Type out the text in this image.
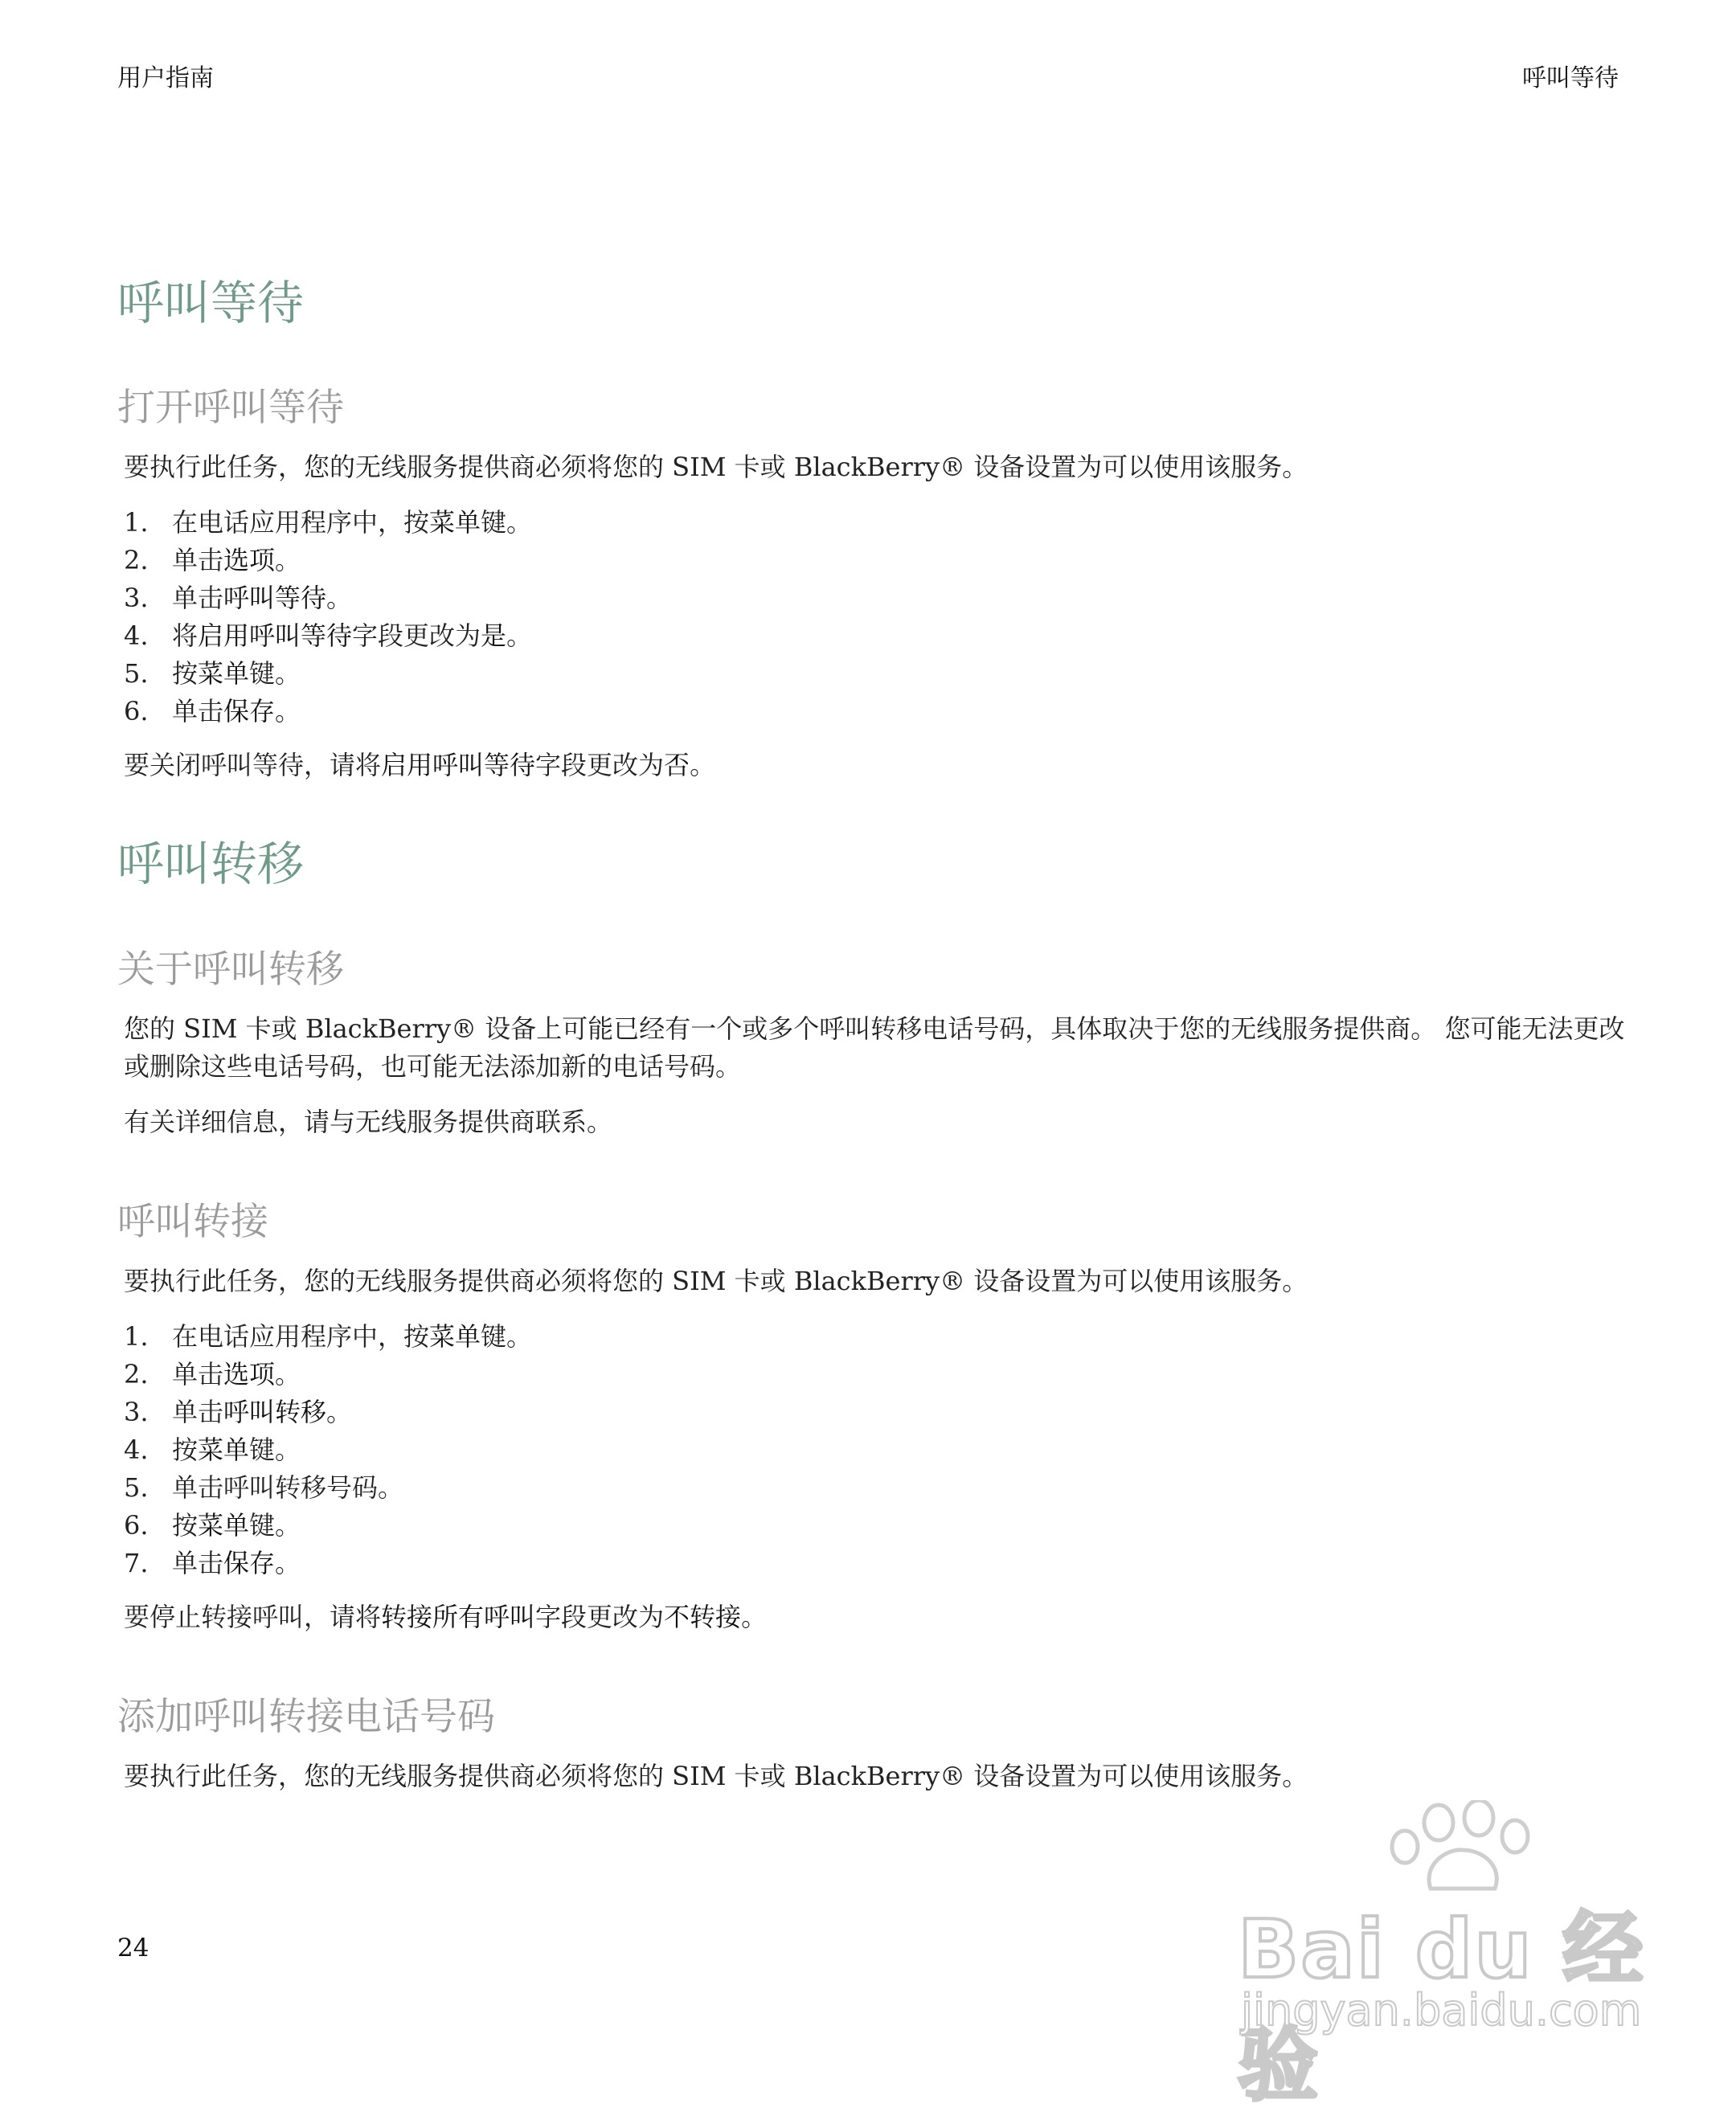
用户指南	呼叫等待
呼叫等待
打开呼叫等待

要执行此任务，您的无线服务提供商必须将您的 SIM 卡或 BlackBerry® 设备设置为可以使用该服务。

1. 在电话应用程序中，按菜单键。
2. 单击选项。
3. 单击呼叫等待。
4. 将启用呼叫等待字段更改为是。
5. 按菜单键。
6. 单击保存。

要关闭呼叫等待，请将启用呼叫等待字段更改为否。

呼叫转移
关于呼叫转移

您的 SIM 卡或 BlackBerry® 设备上可能已经有一个或多个呼叫转移电话号码，具体取决于您的无线服务提供商。 您可能无法更改或删除这些电话号码，也可能无法添加新的电话号码。

有关详细信息，请与无线服务提供商联系。

呼叫转接

要执行此任务，您的无线服务提供商必须将您的 SIM 卡或 BlackBerry® 设备设置为可以使用该服务。

1. 在电话应用程序中，按菜单键。
2. 单击选项。
3. 单击呼叫转移。
4. 按菜单键。
5. 单击呼叫转移号码。
6. 按菜单键。
7. 单击保存。

要停止转接呼叫，请将转接所有呼叫字段更改为不转接。

添加呼叫转接电话号码

要执行此任务，您的无线服务提供商必须将您的 SIM 卡或 BlackBerry® 设备设置为可以使用该服务。

24	Bai du 经验
jingyan.baidu.com
